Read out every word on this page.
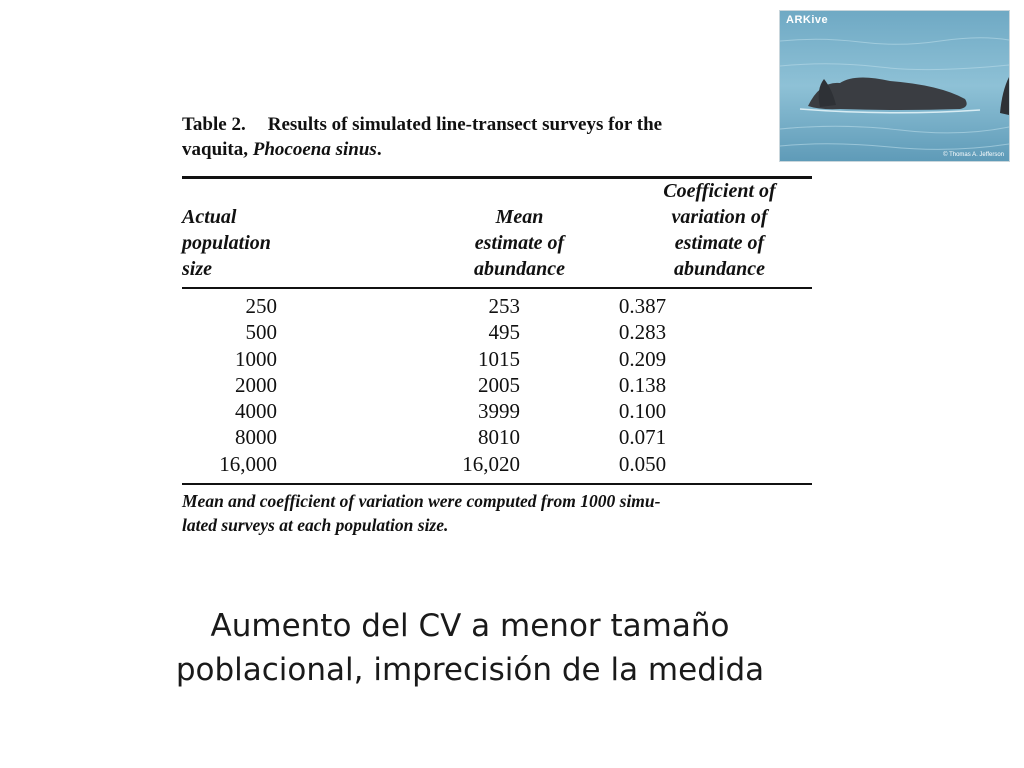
ARKive
© Thomas A. Jefferson

Table 2. Results of simulated line-transect surveys for the
vaquita, Phocoena sinus.

Actual
population
size
Mean
estimate of
abundance
Coefficient of
variation of
estimate of
abundance
250	253	0.387
500	495	0.283
1000	1015	0.209
2000	2005	0.138
4000	3999	0.100
8000	8010	0.071
16,000	16,020	0.050
Mean and coefficient of variation were computed from 1000 simu-
lated surveys at each population size.
Aumento del CV a menor tamaño
poblacional, imprecisión de la medida
